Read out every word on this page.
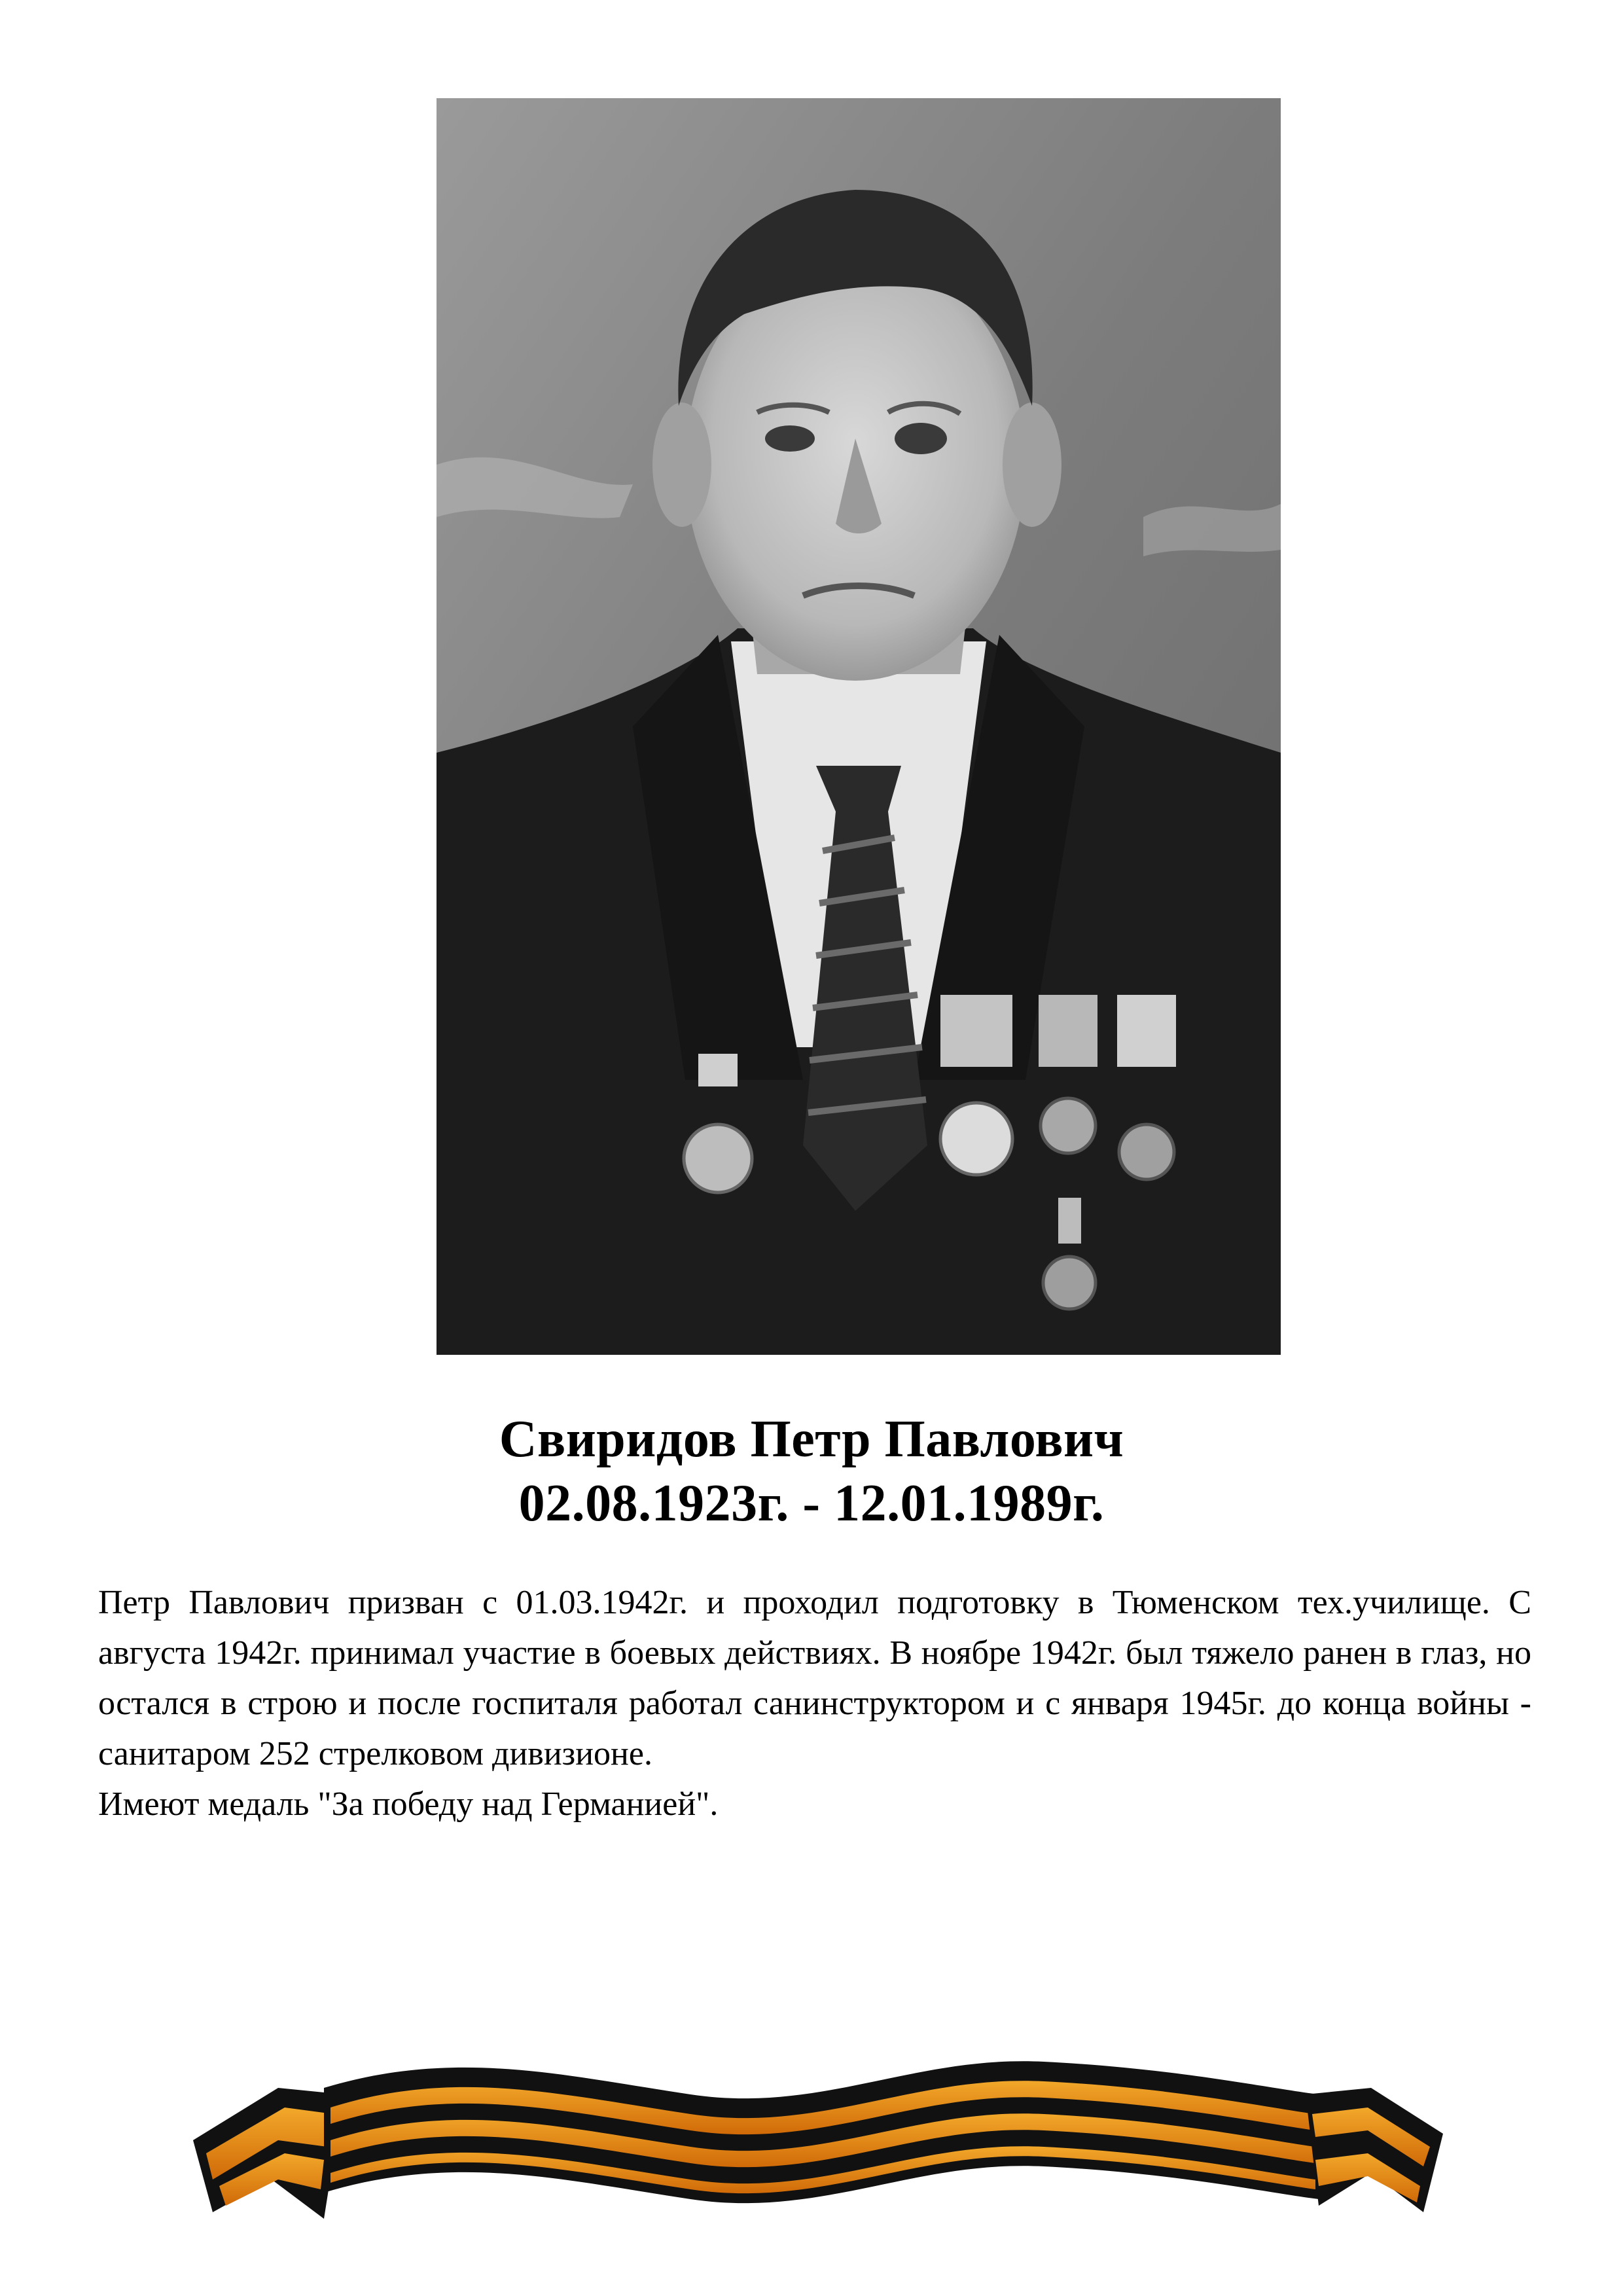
Свиридов Петр Павлович
02.08.1923г. - 12.01.1989г.
Петр Павлович призван с 01.03.1942г. и проходил подготовку в Тюменском тех.училище. С августа 1942г. принимал участие в боевых действиях. В ноябре 1942г. был тяжело ранен в глаз, но остался в строю и после госпиталя работал санинструктором и с января 1945г. до конца войны - санитаром 252 стрелковом дивизионе.
Имеют медаль "За победу над Германией".
